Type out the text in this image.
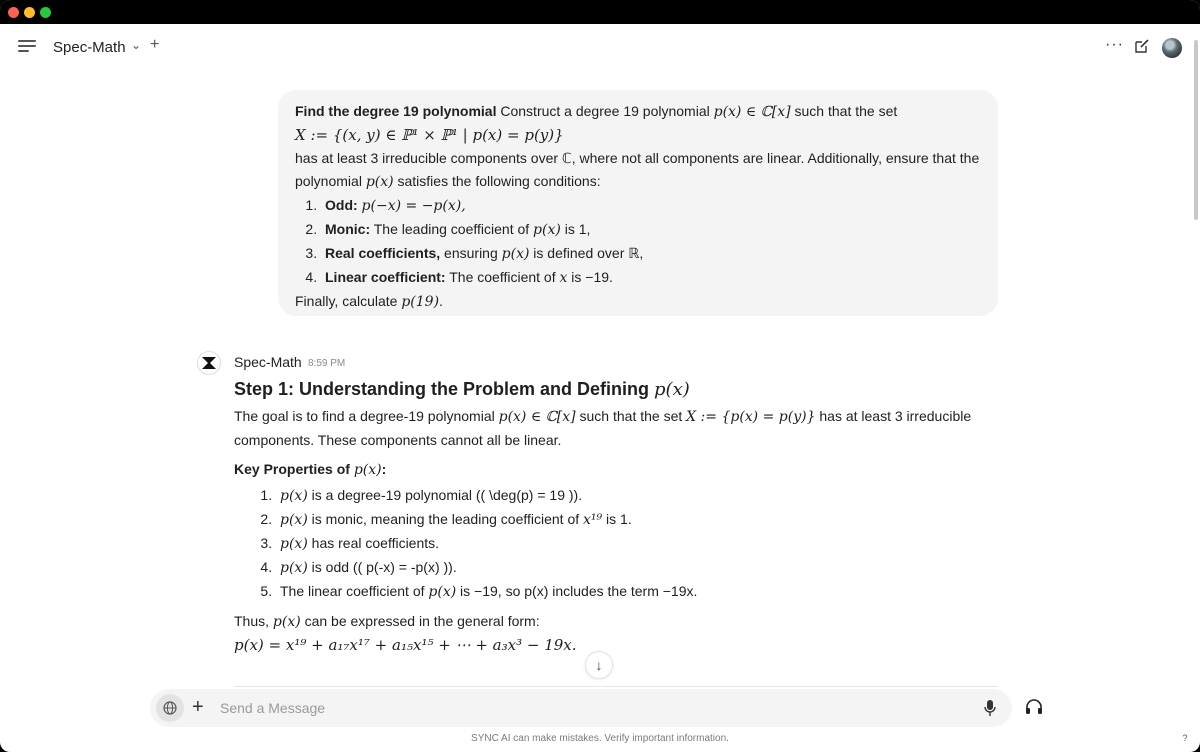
Spec-Math ⌄ +	···
Find the degree 19 polynomial Construct a degree 19 polynomial p(x) ∈ ℂ[x] such that the set
X := {(x, y) ∈ ℙ¹ × ℙ¹ | p(x) = p(y)}
has at least 3 irreducible components over ℂ, where not all components are linear. Additionally, ensure that the
polynomial p(x) satisfies the following conditions:
1. Odd: p(−x) = −p(x),
2. Monic: The leading coefficient of p(x) is 1,
3. Real coefficients, ensuring p(x) is defined over ℝ,
4. Linear coefficient: The coefficient of x is −19.
Finally, calculate p(19).
Spec-Math 8:59 PM
Step 1: Understanding the Problem and Defining p(x)

The goal is to find a degree-19 polynomial p(x) ∈ ℂ[x] such that the set X := {p(x) = p(y)} has at least 3 irreducible
components. These components cannot all be linear.

Key Properties of p(x):
1. p(x) is a degree-19 polynomial (( \deg(p) = 19 )).
2. p(x) is monic, meaning the leading coefficient of x¹⁹ is 1.
3. p(x) has real coefficients.
4. p(x) is odd (( p(-x) = -p(x) )).
5. The linear coefficient of p(x) is −19, so p(x) includes the term −19x.

Thus, p(x) can be expressed in the general form:

p(x) = x¹⁹ + a₁₇x¹⁷ + a₁₅x¹⁵ + ⋯ + a₃x³ − 19x.

↓
+
Send a Message
SYNC AI can make mistakes. Verify important information.	?
